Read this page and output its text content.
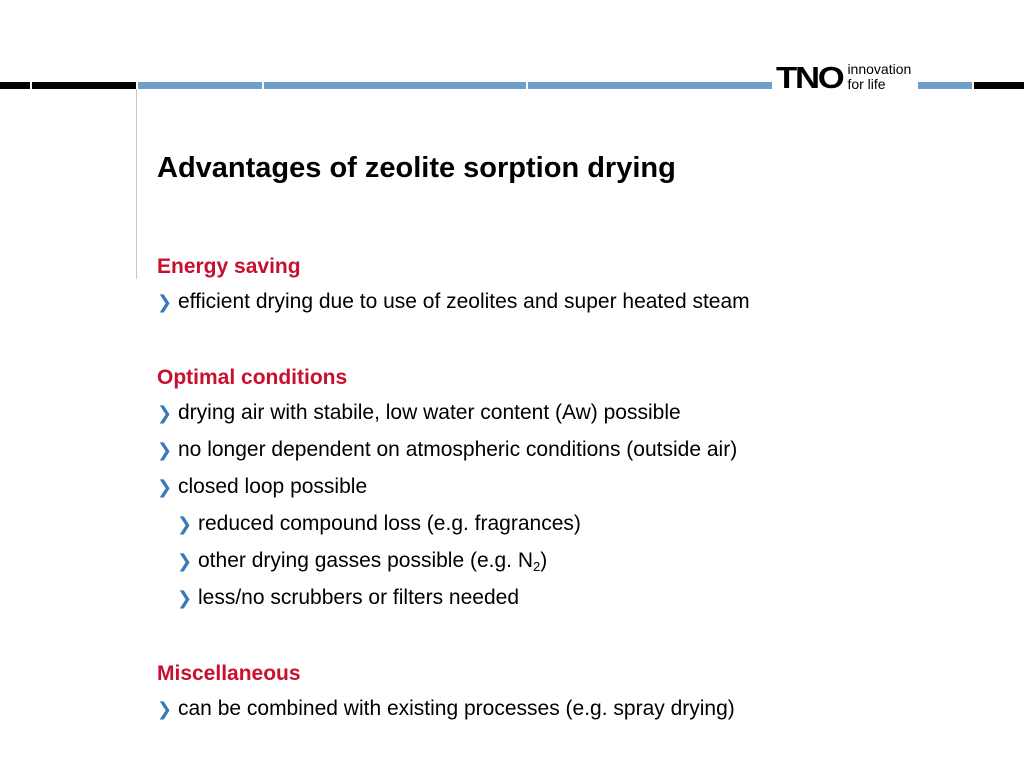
TNO innovation
for life
Advantages of zeolite sorption drying
Energy saving
❯ efficient drying due to use of zeolites and super heated steam
Optimal conditions
❯ drying air with stabile, low water content (Aw) possible
❯ no longer dependent on atmospheric conditions (outside air)
❯ closed loop possible
❯ reduced compound loss (e.g. fragrances)
❯ other drying gasses possible (e.g. $N_2$)
❯ less/no scrubbers or filters needed
Miscellaneous
❯ can be combined with existing processes (e.g. spray drying)
